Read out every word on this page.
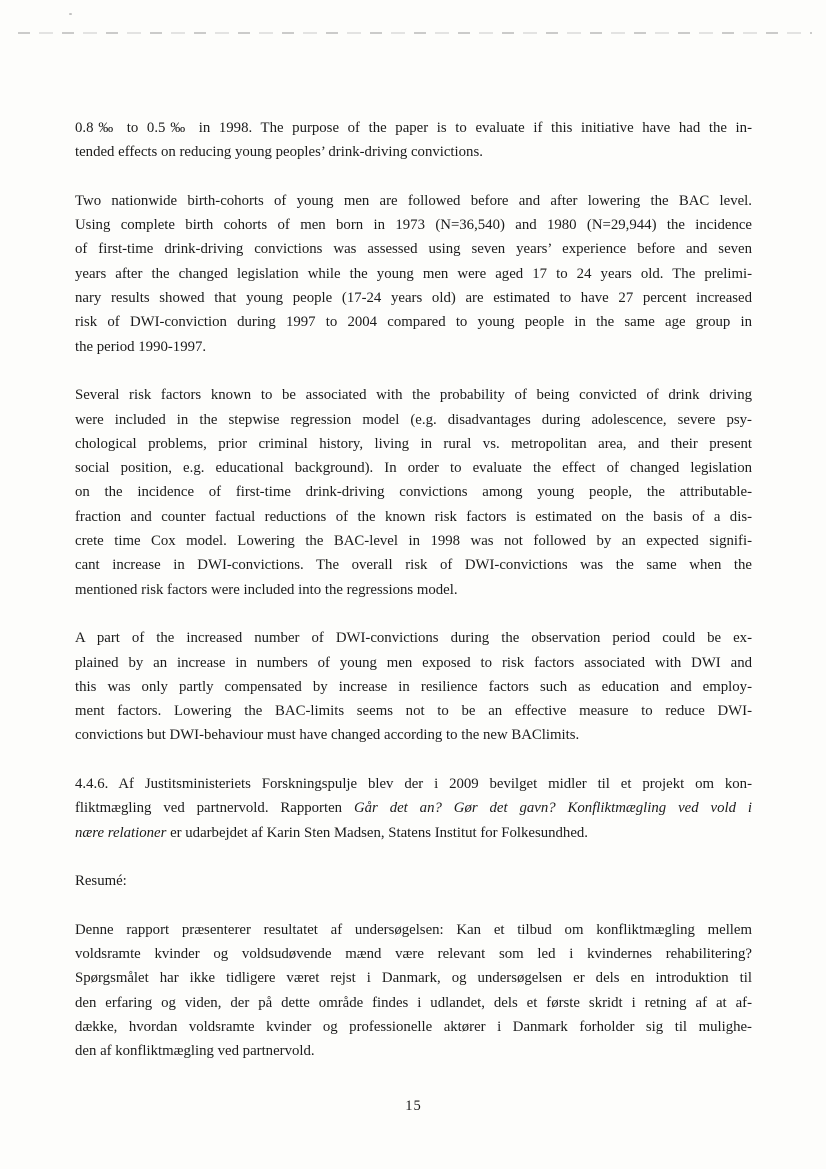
0.8‰ to 0.5‰ in 1998. The purpose of the paper is to evaluate if this initiative have had the in-
tended effects on reducing young peoples’ drink-driving convictions.
Two nationwide birth-cohorts of young men are followed before and after lowering the BAC level.
Using complete birth cohorts of men born in 1973 (N=36,540) and 1980 (N=29,944) the incidence
of first-time drink-driving convictions was assessed using seven years’ experience before and seven
years after the changed legislation while the young men were aged 17 to 24 years old. The prelimi-
nary results showed that young people (17-24 years old) are estimated to have 27 percent increased
risk of DWI-conviction during 1997 to 2004 compared to young people in the same age group in
the period 1990-1997.
Several risk factors known to be associated with the probability of being convicted of drink driving
were included in the stepwise regression model (e.g. disadvantages during adolescence, severe psy-
chological problems, prior criminal history, living in rural vs. metropolitan area, and their present
social position, e.g. educational background). In order to evaluate the effect of changed legislation
on the incidence of first-time drink-driving convictions among young people, the attributable-
fraction and counter factual reductions of the known risk factors is estimated on the basis of a dis-
crete time Cox model. Lowering the BAC-level in 1998 was not followed by an expected signifi-
cant increase in DWI-convictions. The overall risk of DWI-convictions was the same when the
mentioned risk factors were included into the regressions model.
A part of the increased number of DWI-convictions during the observation period could be ex-
plained by an increase in numbers of young men exposed to risk factors associated with DWI and
this was only partly compensated by increase in resilience factors such as education and employ-
ment factors. Lowering the BAC-limits seems not to be an effective measure to reduce DWI-
convictions but DWI-behaviour must have changed according to the new BAClimits.
4.4.6. Af Justitsministeriets Forskningspulje blev der i 2009 bevilget midler til et projekt om kon-
fliktmægling ved partnervold. Rapporten Går det an? Gør det gavn? Konfliktmægling ved vold i
nære relationer er udarbejdet af Karin Sten Madsen, Statens Institut for Folkesundhed.
Resumé:
Denne rapport præsenterer resultatet af undersøgelsen: Kan et tilbud om konfliktmægling mellem
voldsramte kvinder og voldsudøvende mænd være relevant som led i kvindernes rehabilitering?
Spørgsmålet har ikke tidligere været rejst i Danmark, og undersøgelsen er dels en introduktion til
den erfaring og viden, der på dette område findes i udlandet, dels et første skridt i retning af at af-
dække, hvordan voldsramte kvinder og professionelle aktører i Danmark forholder sig til mulighe-
den af konfliktmægling ved partnervold.
15
